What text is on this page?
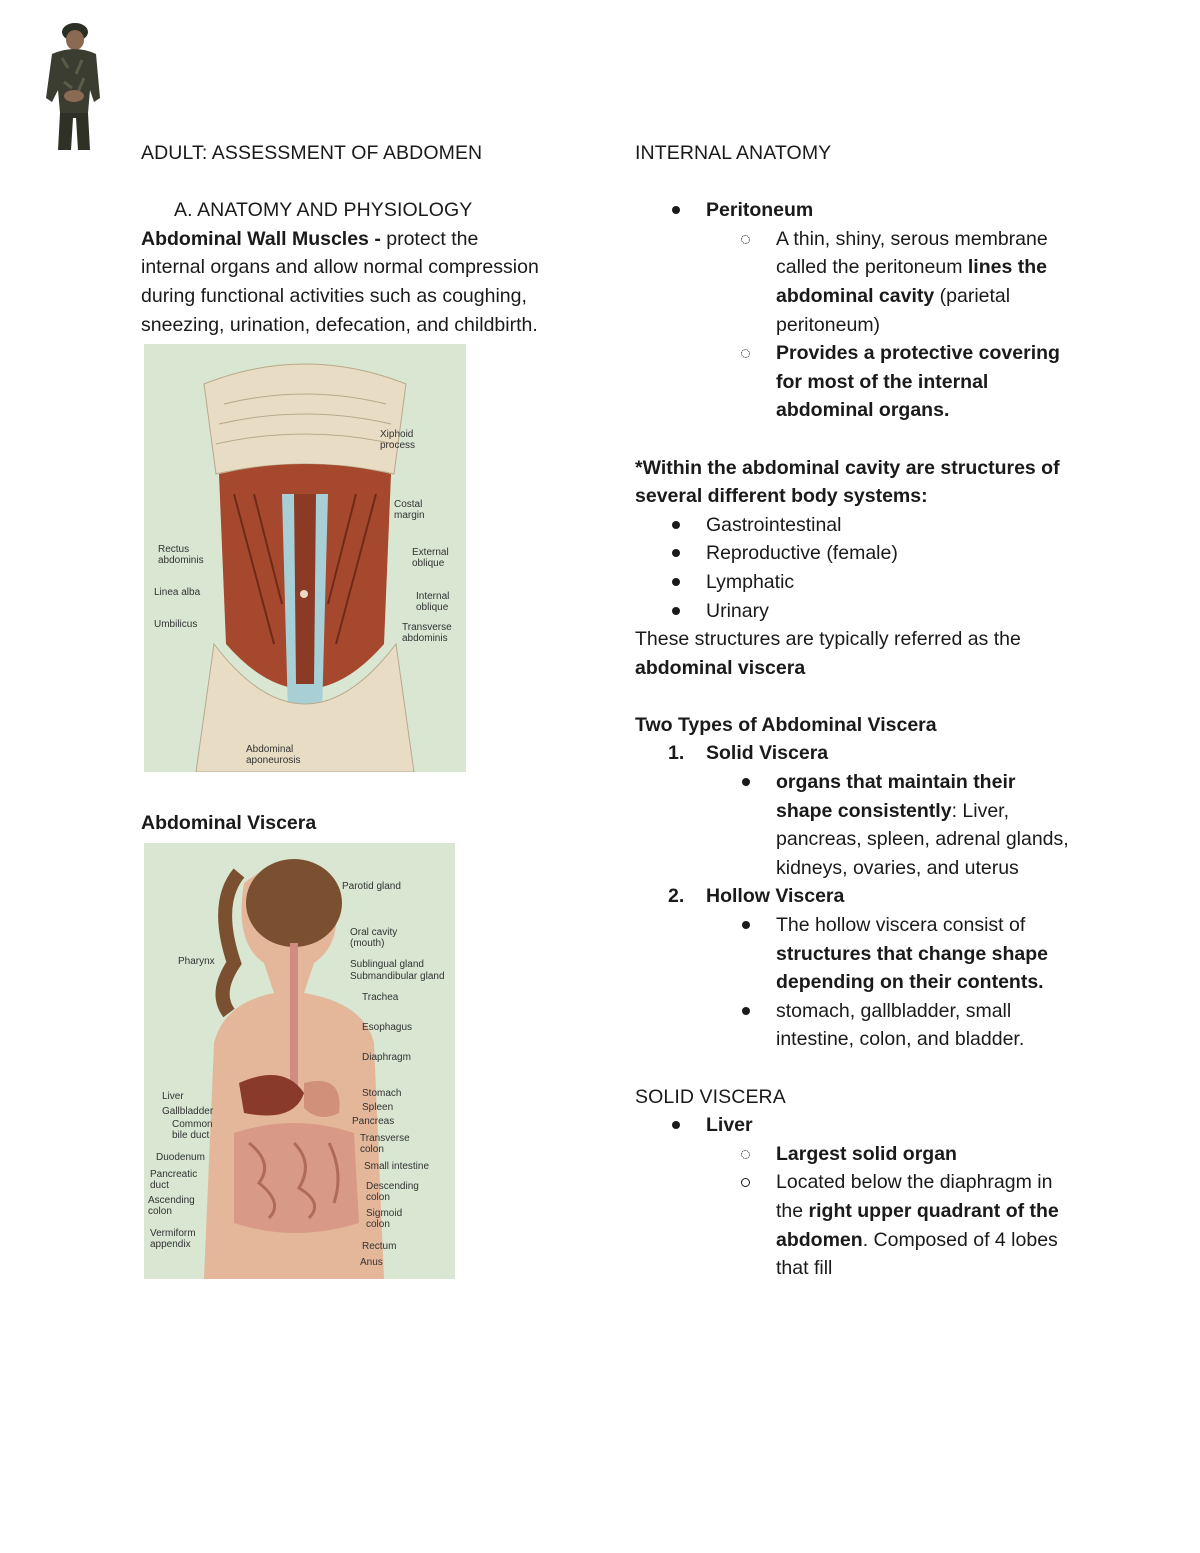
ADULT: ASSESSMENT OF ABDOMEN

A. ANATOMY AND PHYSIOLOGY

Abdominal Wall Muscles - protect the internal organs and allow normal compression during functional activities such as coughing, sneezing, urination, defecation, and childbirth.

Xiphoid process
Costal margin
Rectus abdominis
External oblique
Linea alba	Internal oblique
Umbilicus	Transverse abdominis
Abdominal aponeurosis

Abdominal Viscera

Parotid gland
Oral cavity (mouth)
Pharynx	Sublingual gland
Submandibular gland
Trachea
Esophagus
Diaphragm
Liver	Stomach
Gallbladder	Spleen
Common bile duct
Pancreas
Transverse colon
Duodenum
Small intestine
Pancreatic duct	Descending colon
Ascending colon	Sigmoid colon
Vermiform appendix	Rectum
Anus

INTERNAL ANATOMY

Peritoneum
A thin, shiny, serous membrane called the peritoneum lines the abdominal cavity (parietal peritoneum)
Provides a protective covering for most of the internal abdominal organs.

*Within the abdominal cavity are structures of several different body systems:

Gastrointestinal
Reproductive (female)
Lymphatic
Urinary

These structures are typically referred as the abdominal viscera

Two Types of Abdominal Viscera

1. Solid Viscera
organs that maintain their shape consistently: Liver, pancreas, spleen, adrenal glands, kidneys, ovaries, and uterus
2. Hollow Viscera
The hollow viscera consist of structures that change shape depending on their contents.
stomach, gallbladder, small intestine, colon, and bladder.

SOLID VISCERA

Liver
Largest solid organ
Located below the diaphragm in the right upper quadrant of the abdomen. Composed of 4 lobes that fill
